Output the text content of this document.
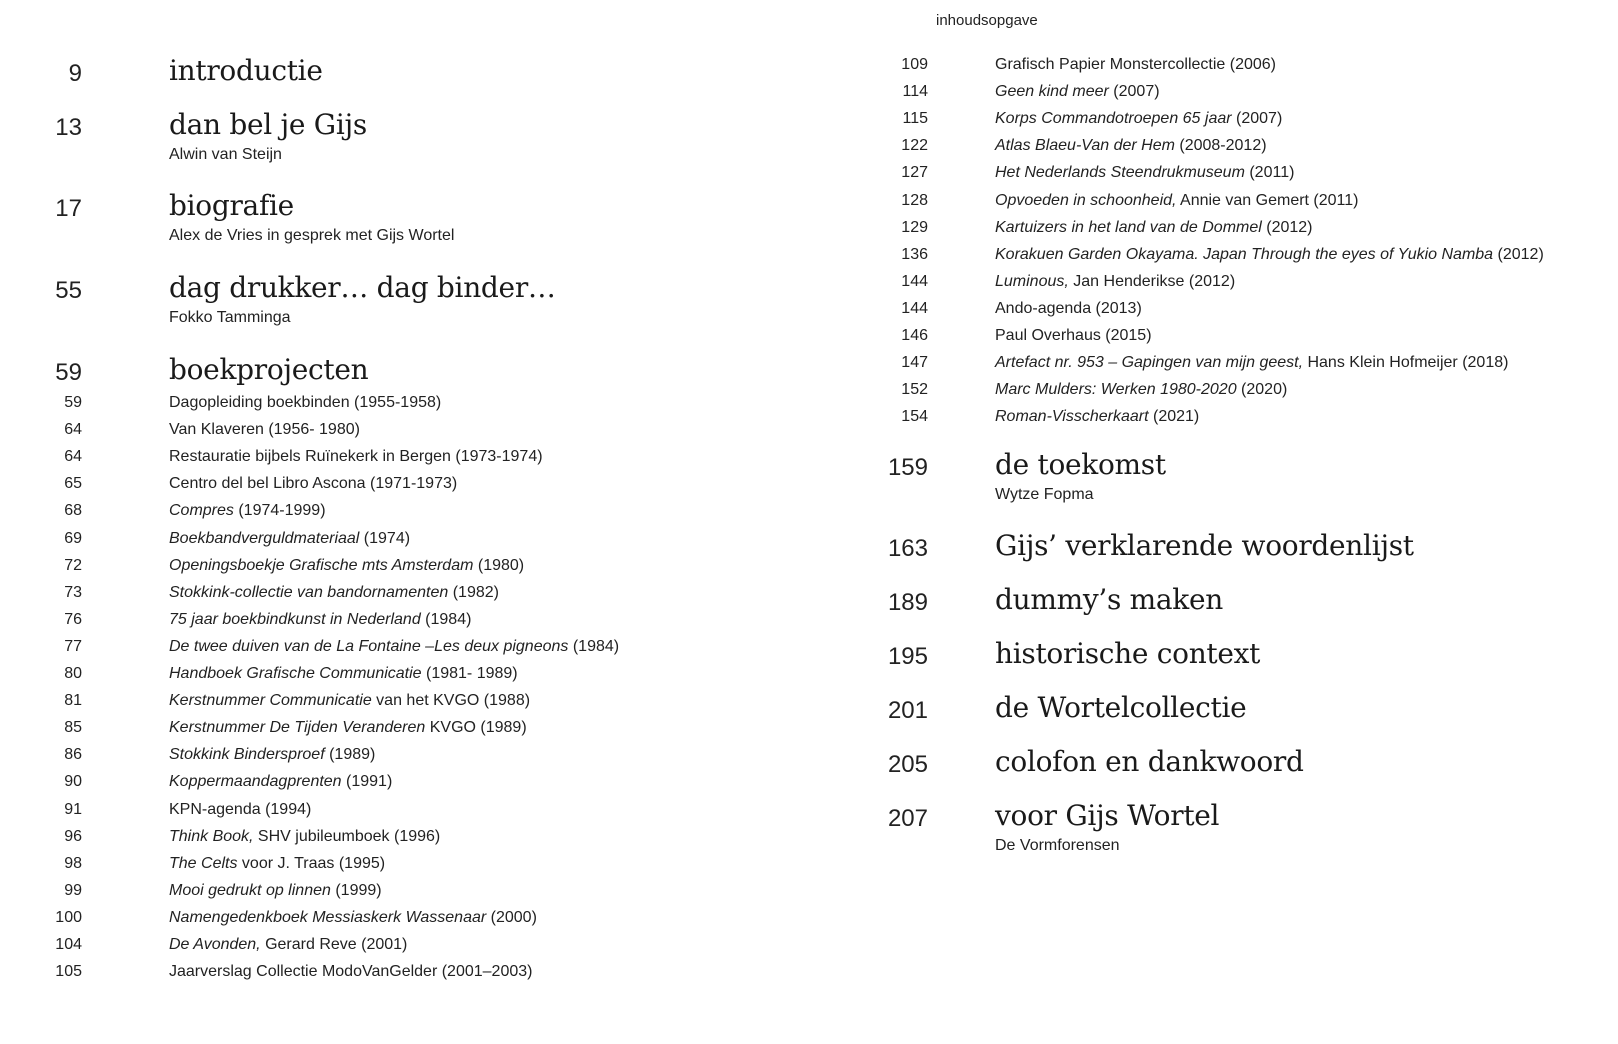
inhoudsopgave
9	introductie
13	dan bel je Gijs
Alwin van Steijn
17	biografie
Alex de Vries in gesprek met Gijs Wortel
55	dag drukker… dag binder…
Fokko Tamminga
59	boekprojecten
59	Dagopleiding boekbinden (1955-1958)
64	Van Klaveren (1956- 1980)
64	Restauratie bijbels Ruïnekerk in Bergen (1973-1974)
65	Centro del bel Libro Ascona (1971-1973)
68	Compres (1974-1999)
69	Boekbandverguldmateriaal (1974)
72	Openingsboekje Grafische mts Amsterdam (1980)
73	Stokkink-collectie van bandornamenten (1982)
76	75 jaar boekbindkunst in Nederland (1984)
77	De twee duiven van de La Fontaine –Les deux pigneons (1984)
80	Handboek Grafische Communicatie (1981- 1989)
81	Kerstnummer Communicatie van het KVGO (1988)
85	Kerstnummer De Tijden Veranderen KVGO (1989)
86	Stokkink Bindersproef (1989)
90	Koppermaandagprenten (1991)
91	KPN-agenda (1994)
96	Think Book, SHV jubileumboek (1996)
98	The Celts voor J. Traas (1995)
99	Mooi gedrukt op linnen (1999)
100	Namengedenkboek Messiaskerk Wassenaar (2000)
104	De Avonden, Gerard Reve (2001)
105	Jaarverslag Collectie ModoVanGelder (2001–2003)
109	Grafisch Papier Monstercollectie (2006)
114	Geen kind meer (2007)
115	Korps Commandotroepen 65 jaar (2007)
122	Atlas Blaeu-Van der Hem (2008-2012)
127	Het Nederlands Steendrukmuseum (2011)
128	Opvoeden in schoonheid, Annie van Gemert (2011)
129	Kartuizers in het land van de Dommel (2012)
136	Korakuen Garden Okayama. Japan Through the eyes of Yukio Namba (2012)
144	Luminous, Jan Henderikse (2012)
144	Ando-agenda (2013)
146	Paul Overhaus (2015)
147	Artefact nr. 953 – Gapingen van mijn geest, Hans Klein Hofmeijer (2018)
152	Marc Mulders: Werken 1980-2020 (2020)
154	Roman-Visscherkaart (2021)
159 de toekomst
Wytze Fopma
163 Gijs’ verklarende woordenlijst
189 dummy’s maken
195 historische context
201 de Wortelcollectie
205 colofon en dankwoord
207 voor Gijs Wortel
De Vormforensen
